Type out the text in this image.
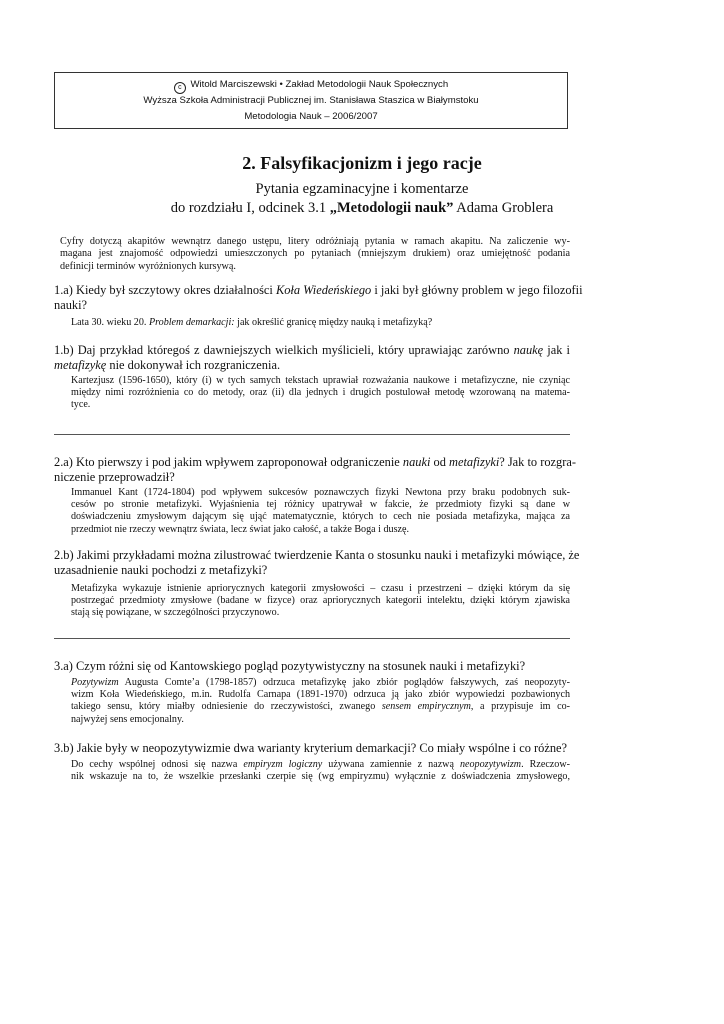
c Witold Marciszewski • Zakład Metodologii Nauk Społecznych
Wyższa Szkoła Administracji Publicznej im. Stanisława Staszica w Białymstoku
Metodologia Nauk – 2006/2007
2. Falsyfikacjonizm i jego racje
Pytania egzaminacyjne i komentarze
do rozdziału I, odcinek 3.1 „Metodologii nauk” Adama Groblera
Cyfry dotyczą akapitów wewnątrz danego ustępu, litery odróżniają pytania w ramach akapitu. Na zaliczenie wy-
magana jest znajomość odpowiedzi umieszczonych po pytaniach (mniejszym drukiem) oraz umiejętność podania
definicji terminów wyróżnionych kursywą.
1.a) Kiedy był szczytowy okres działalności Koła Wiedeńskiego i jaki był główny problem w jego filozofii
nauki?
Lata 30. wieku 20. Problem demarkacji: jak określić granicę między nauką i metafizyką?
1.b) Daj przykład któregoś z dawniejszych wielkich myślicieli, który uprawiając zarówno naukę jak i
metafizykę nie dokonywał ich rozgraniczenia.
Kartezjusz (1596-1650), który (i) w tych samych tekstach uprawiał rozważania naukowe i metafizyczne, nie czyniąc
między nimi rozróżnienia co do metody, oraz (ii) dla jednych i drugich postulował metodę wzorowaną na matema-
tyce.
2.a) Kto pierwszy i pod jakim wpływem zaproponował odgraniczenie nauki od metafizyki? Jak to rozgra-
niczenie przeprowadził?
Immanuel Kant (1724-1804) pod wpływem sukcesów poznawczych fizyki Newtona przy braku podobnych suk-
cesów po stronie metafizyki. Wyjaśnienia tej różnicy upatrywał w fakcie, że przedmioty fizyki są dane w
doświadczeniu zmysłowym dającym się ująć matematycznie, których to cech nie posiada metafizyka, mająca za
przedmiot nie rzeczy wewnątrz świata, lecz świat jako całość, a także Boga i duszę.
2.b) Jakimi przykładami można zilustrować twierdzenie Kanta o stosunku nauki i metafizyki mówiące, że
uzasadnienie nauki pochodzi z metafizyki?
Metafizyka wykazuje istnienie apriorycznych kategorii zmysłowości – czasu i przestrzeni – dzięki którym da się
postrzegać przedmioty zmysłowe (badane w fizyce) oraz apriorycznych kategorii intelektu, dzięki którym zjawiska
stają się powiązane, w szczególności przyczynowo.
3.a) Czym różni się od Kantowskiego pogląd pozytywistyczny na stosunek nauki i metafizyki?
Pozytywizm Augusta Comte’a (1798-1857) odrzuca metafizykę jako zbiór poglądów fałszywych, zaś neopozyty-
wizm Koła Wiedeńskiego, m.in. Rudolfa Carnapa (1891-1970) odrzuca ją jako zbiór wypowiedzi pozbawionych
takiego sensu, który miałby odniesienie do rzeczywistości, zwanego sensem empirycznym, a przypisuje im co-
najwyżej sens emocjonalny.
3.b) Jakie były w neopozytywizmie dwa warianty kryterium demarkacji? Co miały wspólne i co różne?
Do cechy wspólnej odnosi się nazwa empiryzm logiczny używana zamiennie z nazwą neopozytywizm. Rzeczow-
nik wskazuje na to, że wszelkie przesłanki czerpie się (wg empiryzmu) wyłącznie z doświadczenia zmysłowego,
